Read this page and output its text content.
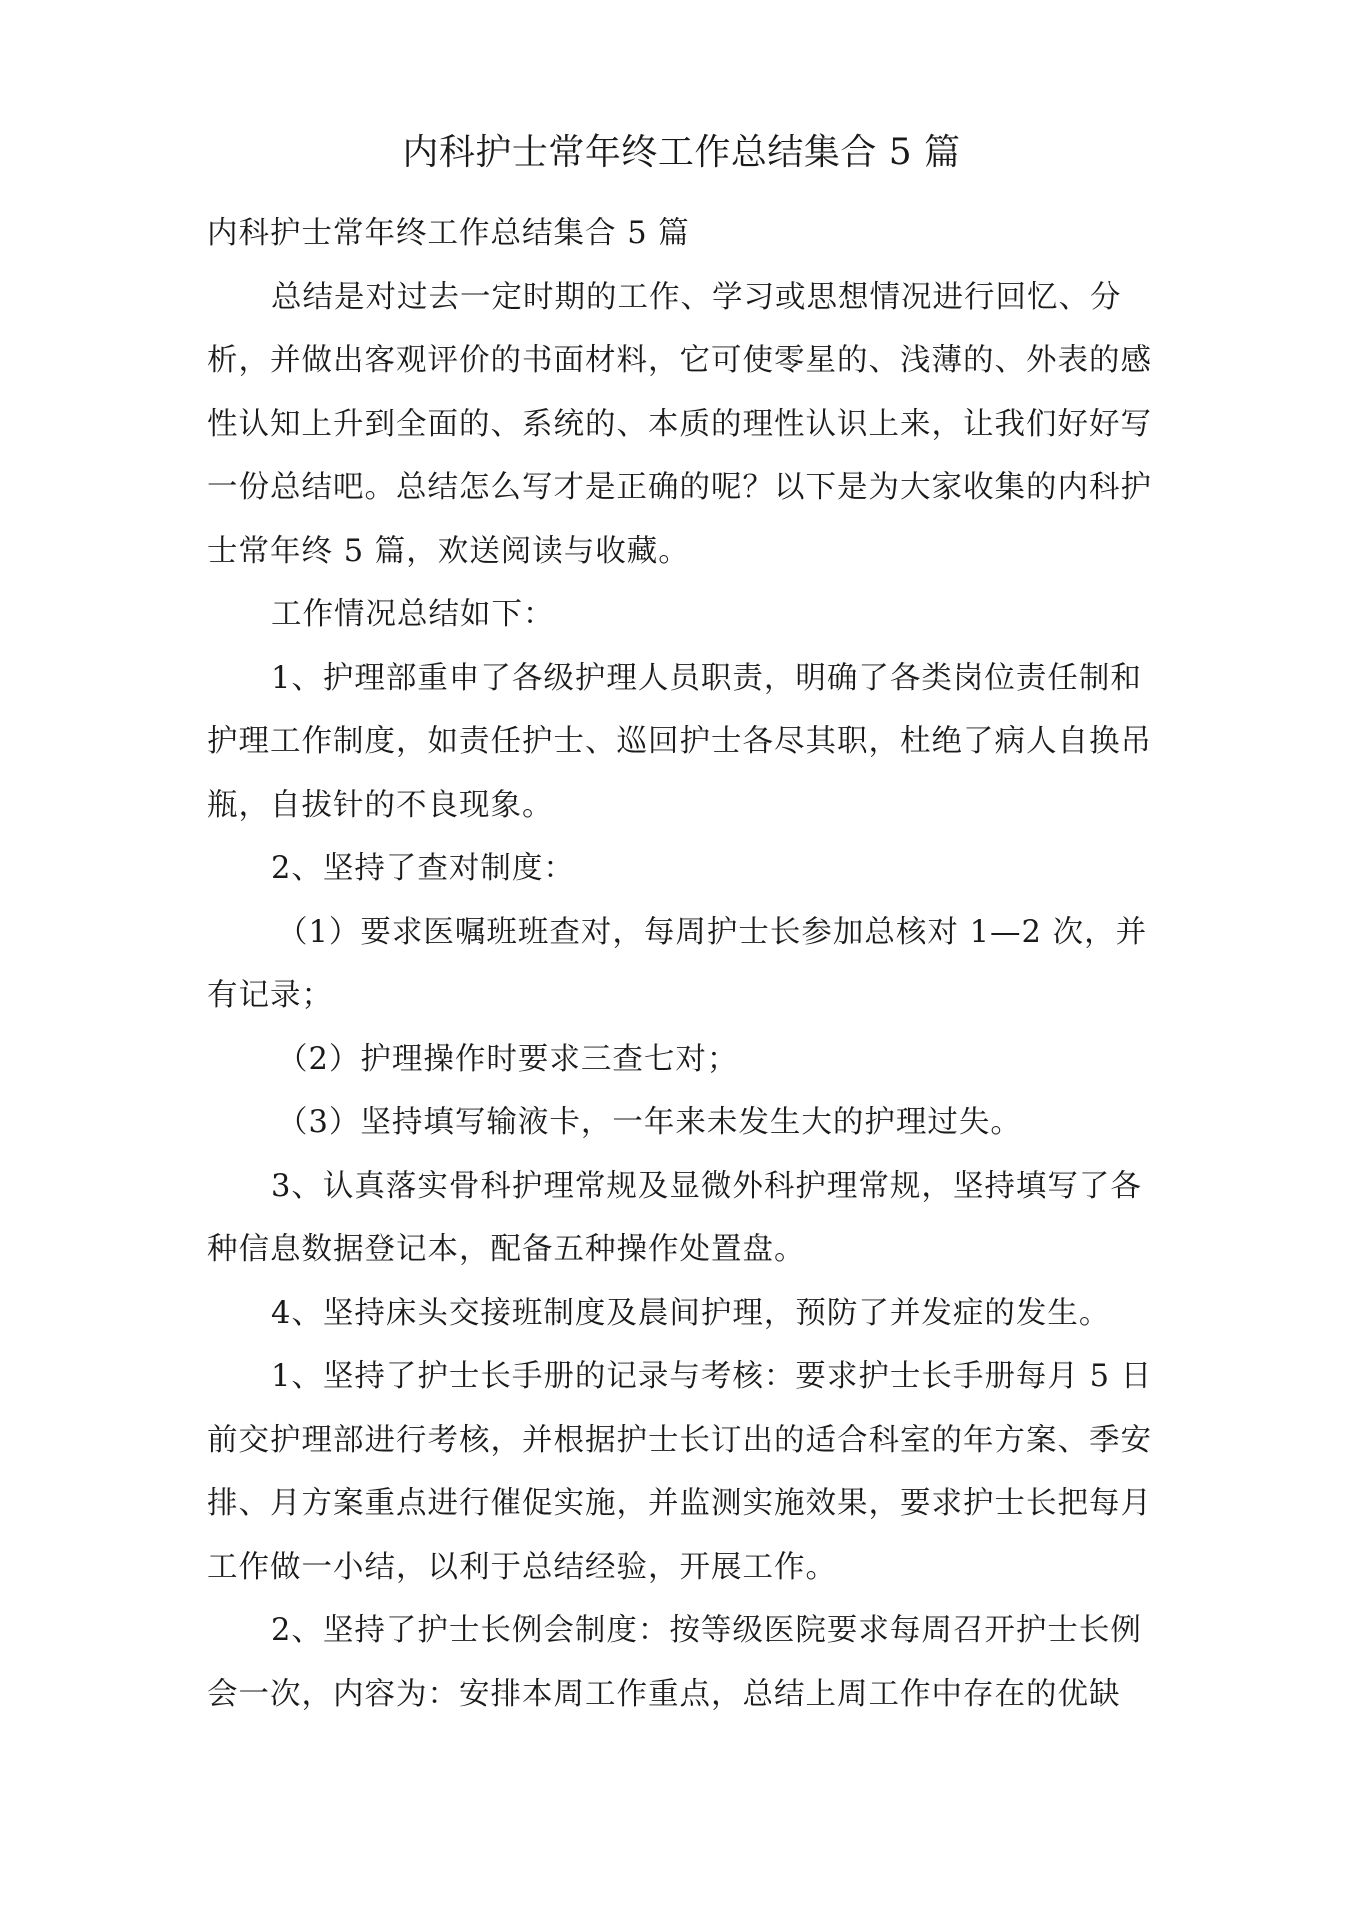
内科护士常年终工作总结集合 5 篇

内科护士常年终工作总结集合 5 篇

总结是对过去一定时期的工作、学习或思想情况进行回忆、分析，并做出客观评价的书面材料，它可使零星的、浅薄的、外表的感性认知上升到全面的、系统的、本质的理性认识上来，让我们好好写一份总结吧。总结怎么写才是正确的呢？以下是为大家收集的内科护士常年终 5 篇，欢送阅读与收藏。

工作情况总结如下：

1、护理部重申了各级护理人员职责，明确了各类岗位责任制和护理工作制度，如责任护士、巡回护士各尽其职，杜绝了病人自换吊瓶，自拔针的不良现象。

2、坚持了查对制度：

（1）要求医嘱班班查对，每周护士长参加总核对 1—2 次，并有记录；

（2）护理操作时要求三查七对；

（3）坚持填写输液卡，一年来未发生大的护理过失。

3、认真落实骨科护理常规及显微外科护理常规，坚持填写了各种信息数据登记本，配备五种操作处置盘。

4、坚持床头交接班制度及晨间护理，预防了并发症的发生。

1、坚持了护士长手册的记录与考核：要求护士长手册每月 5 日前交护理部进行考核，并根据护士长订出的适合科室的年方案、季安排、月方案重点进行催促实施，并监测实施效果，要求护士长把每月工作做一小结，以利于总结经验，开展工作。

2、坚持了护士长例会制度：按等级医院要求每周召开护士长例会一次，内容为：安排本周工作重点，总结上周工作中存在的优缺
